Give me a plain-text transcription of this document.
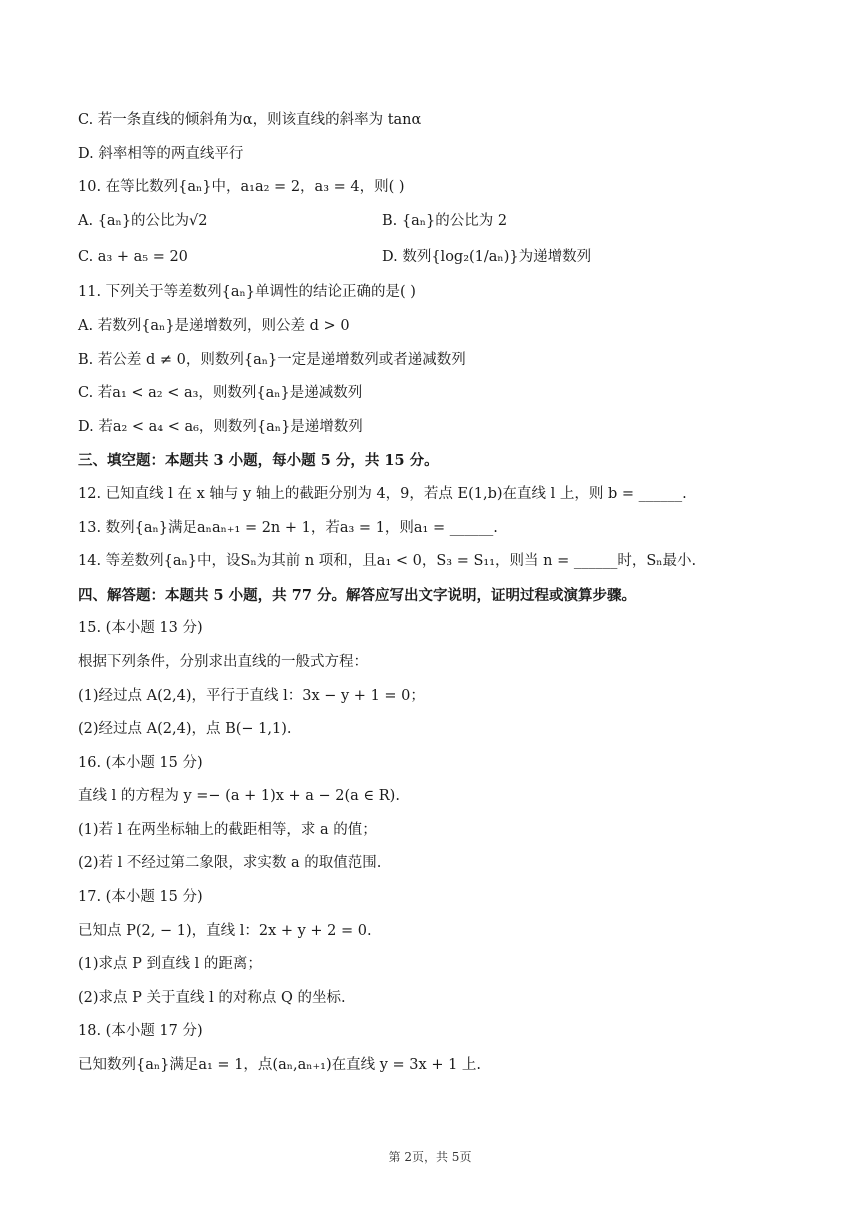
C. 若一条直线的倾斜角为α，则该直线的斜率为 tanα
D. 斜率相等的两直线平行
10. 在等比数列{aₙ}中，a₁a₂ = 2，a₃ = 4，则( )
A. {aₙ}的公比为√2	B. {aₙ}的公比为 2
C. a₃ + a₅ = 20	D. 数列{log₂(1/aₙ)}为递增数列
11. 下列关于等差数列{aₙ}单调性的结论正确的是( )
A. 若数列{aₙ}是递增数列，则公差 d > 0
B. 若公差 d ≠ 0，则数列{aₙ}一定是递增数列或者递减数列
C. 若a₁ < a₂ < a₃，则数列{aₙ}是递减数列
D. 若a₂ < a₄ < a₆，则数列{aₙ}是递增数列
三、填空题：本题共 3 小题，每小题 5 分，共 15 分。
12. 已知直线 l 在 x 轴与 y 轴上的截距分别为 4，9，若点 E(1,b)在直线 l 上，则 b = ______.
13. 数列{aₙ}满足aₙaₙ₊₁ = 2n + 1，若a₃ = 1，则a₁ = ______.
14. 等差数列{aₙ}中，设Sₙ为其前 n 项和，且a₁ < 0，S₃ = S₁₁，则当 n = ______时，Sₙ最小.
四、解答题：本题共 5 小题，共 77 分。解答应写出文字说明，证明过程或演算步骤。
15. (本小题 13 分)
根据下列条件，分别求出直线的一般式方程：
(1)经过点 A(2,4)，平行于直线 l：3x − y + 1 = 0；
(2)经过点 A(2,4)，点 B(− 1,1).
16. (本小题 15 分)
直线 l 的方程为 y =− (a + 1)x + a − 2(a ∈ R).
(1)若 l 在两坐标轴上的截距相等，求 a 的值；
(2)若 l 不经过第二象限，求实数 a 的取值范围.
17. (本小题 15 分)
已知点 P(2, − 1)，直线 l：2x + y + 2 = 0.
(1)求点 P 到直线 l 的距离；
(2)求点 P 关于直线 l 的对称点 Q 的坐标.
18. (本小题 17 分)
已知数列{aₙ}满足a₁ = 1，点(aₙ,aₙ₊₁)在直线 y = 3x + 1 上.
第 2页，共 5页
